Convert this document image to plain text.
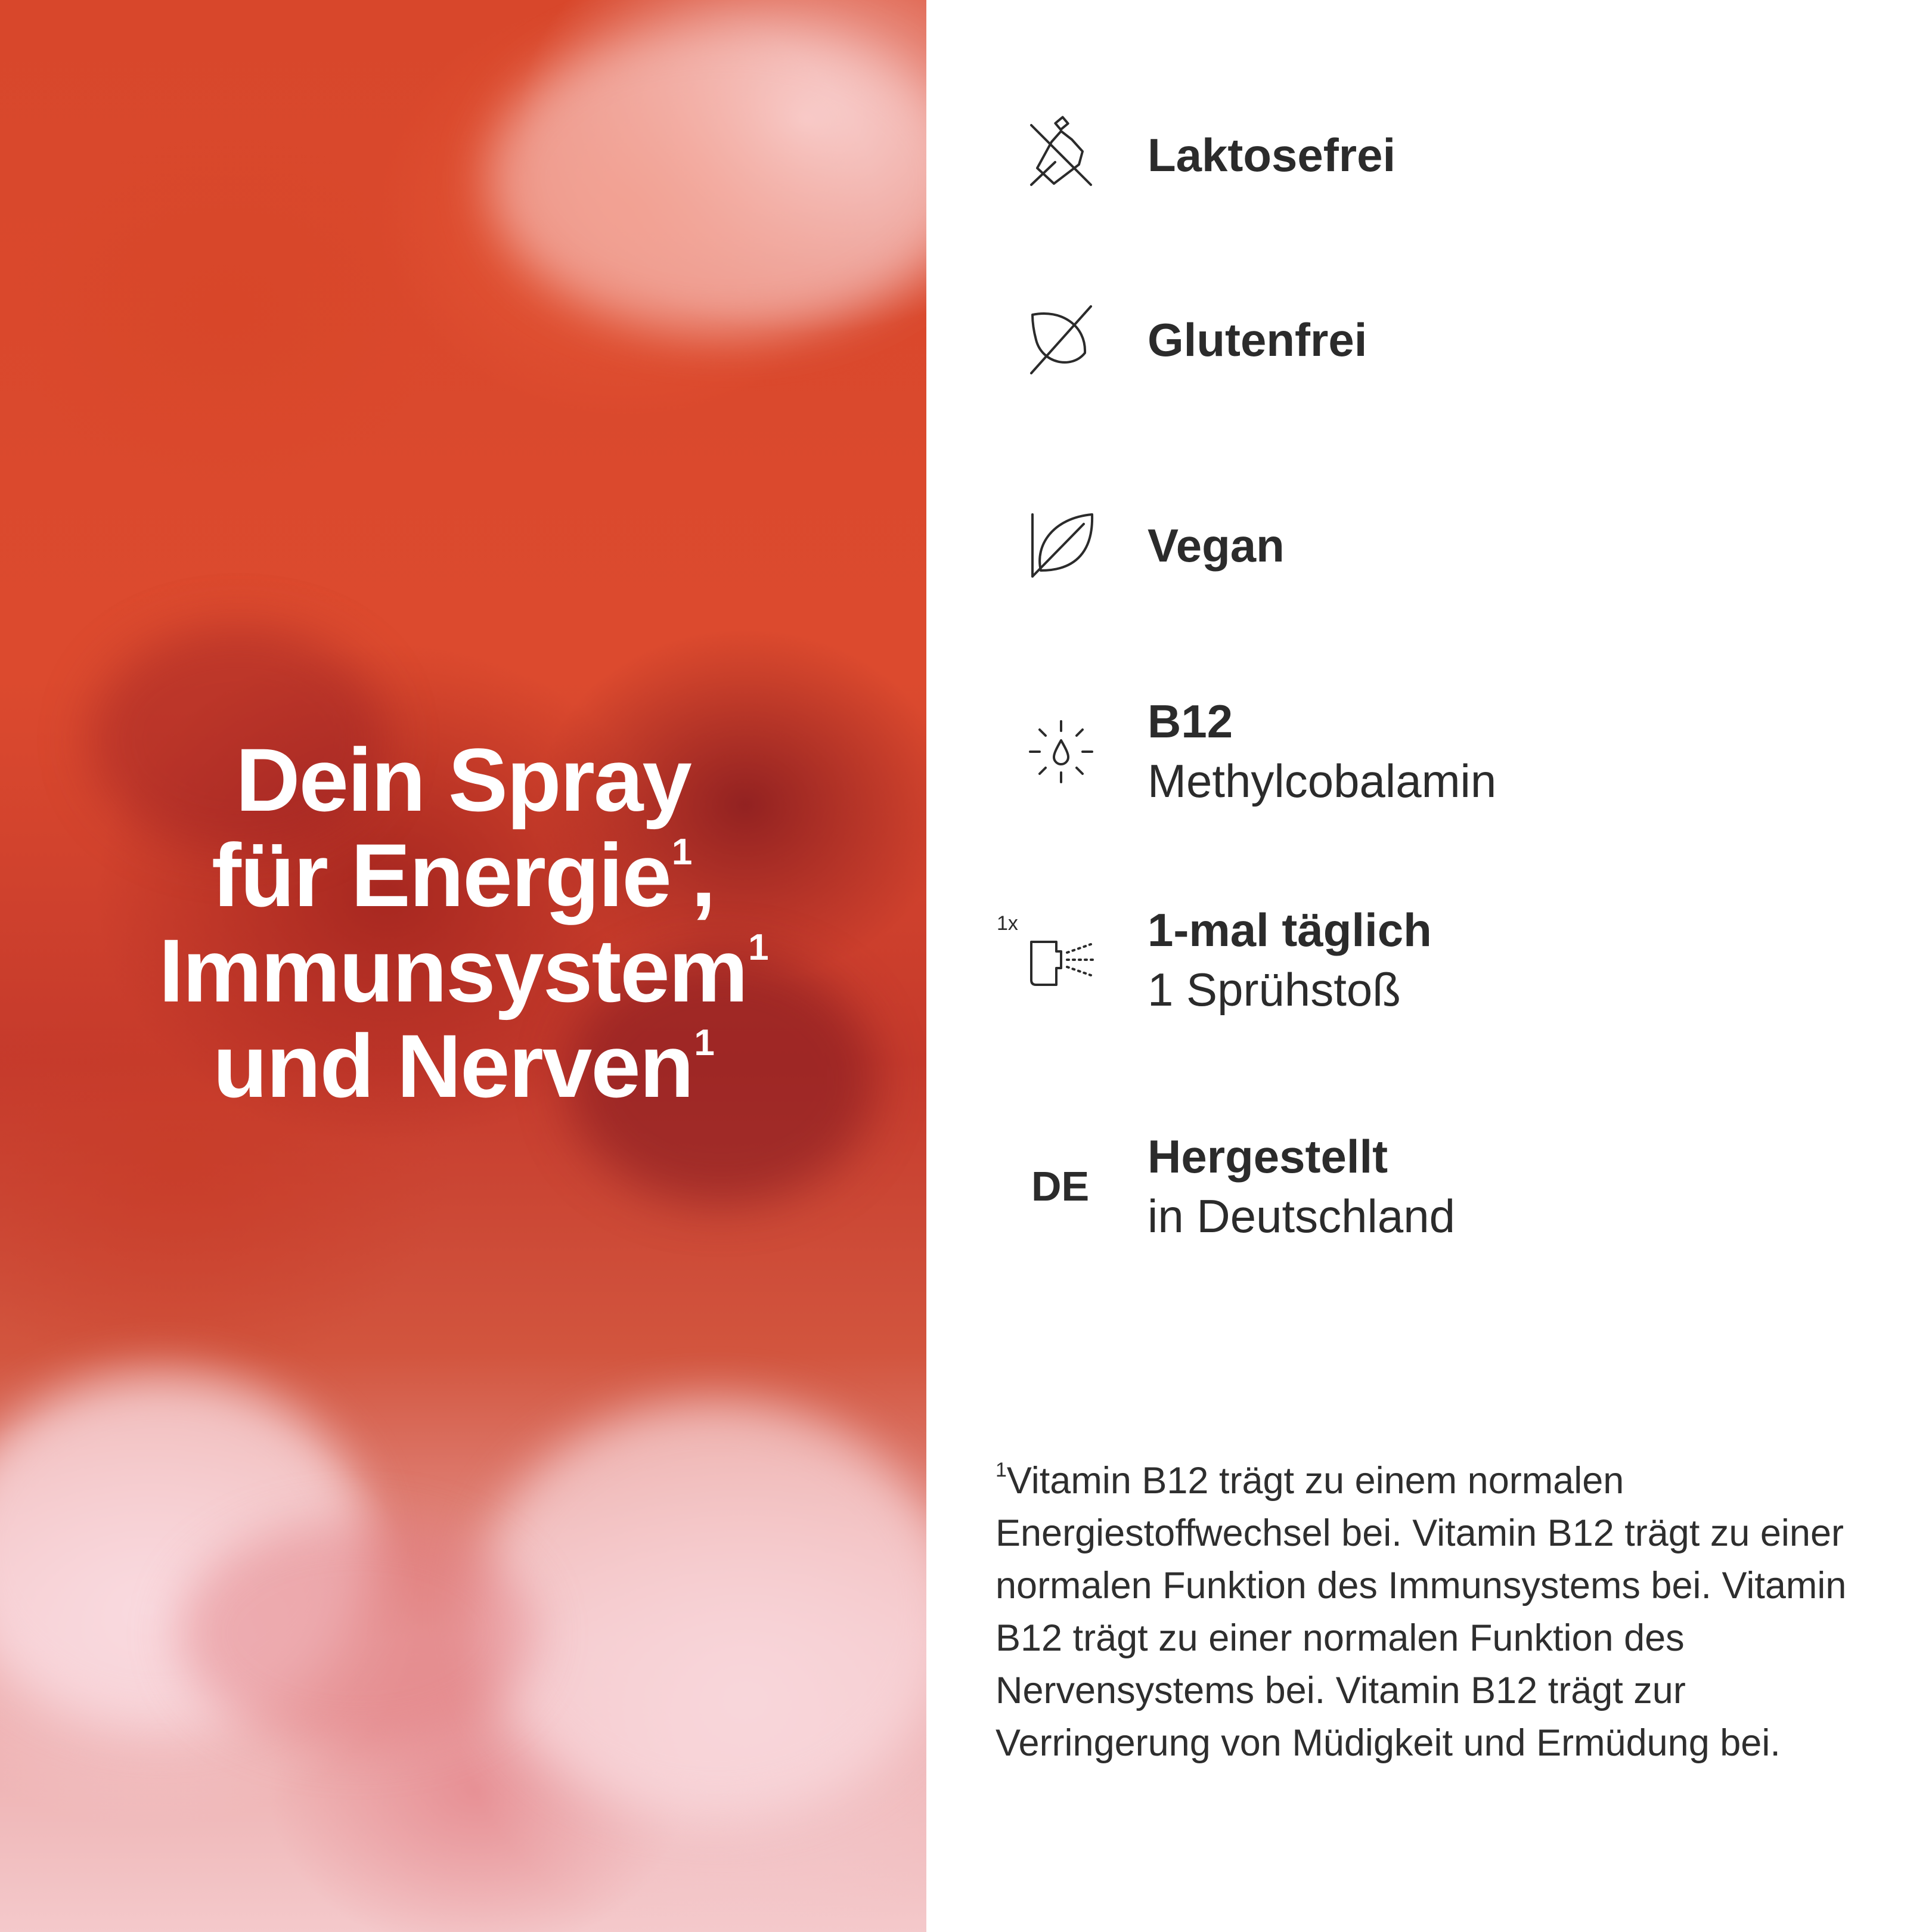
Dein Spray
für Energie$^1$,
Immunsystem$^1$
und Nerven$^1$
Laktosefrei
Glutenfrei
Vegan
B12
Methylcobalamin
1x	1-mal täglich
1 Sprühstoß
DE
Hergestellt
in Deutschland

$^1$Vitamin B12 trägt zu einem normalen Energiestoffwechsel bei. Vitamin B12 trägt zu einer normalen Funktion des Immunsystems bei. Vitamin B12 trägt zu einer normalen Funktion des Nervensystems bei. Vitamin B12 trägt zur Verringerung von Müdigkeit und Ermüdung bei.
